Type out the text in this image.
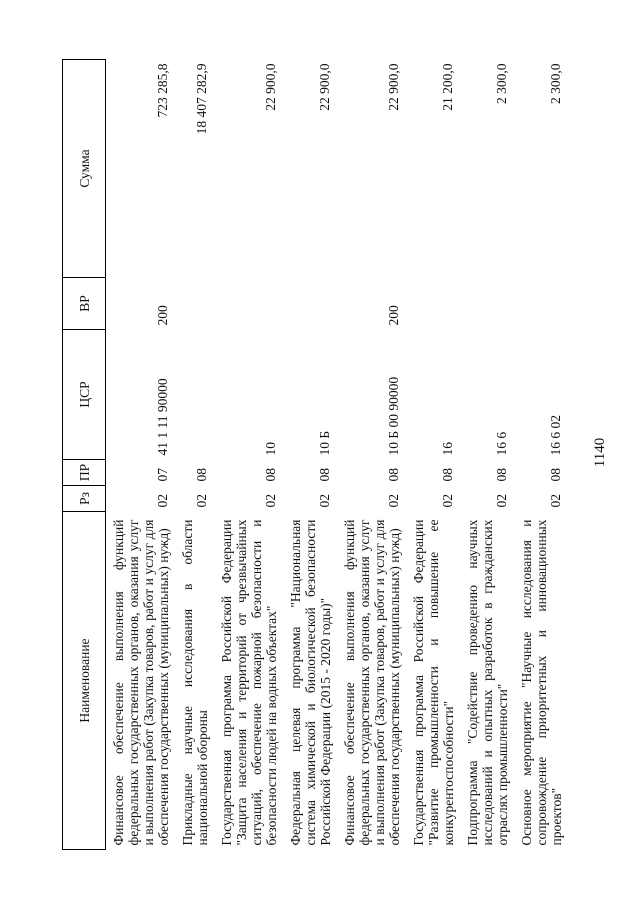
1140
Наименование	Рз	ПР	ЦСР	ВР	Сумма
Финансовое обеспечение выполнения функций федеральных государственных органов, оказания услуг и выполнения работ (Закупка товаров, работ и услуг для обеспечения государственных (муниципальных) нужд)	02	07	41 1 11 90000	200	723 285,8
Прикладные научные исследования в области национальной обороны	02	08			18 407 282,9
Государственная программа Российской Федерации "Защита населения и территорий от чрезвычайных ситуаций, обеспечение пожарной безопасности и безопасности людей на водных объектах"	02	08	10		22 900,0
Федеральная целевая программа "Национальная система химической и биологической безопасности Российской Федерации (2015 - 2020 годы)"	02	08	10 Б		22 900,0
Финансовое обеспечение выполнения функций федеральных государственных органов, оказания услуг и выполнения работ (Закупка товаров, работ и услуг для обеспечения государственных (муниципальных) нужд)	02	08	10 Б 00 90000	200	22 900,0
Государственная программа Российской Федерации "Развитие промышленности и повышение ее конкурентоспособности"	02	08	16		21 200,0
Подпрограмма "Содействие проведению научных исследований и опытных разработок в гражданских отраслях промышленности"	02	08	16 6		2 300,0
Основное мероприятие "Научные исследования и сопровождение приоритетных и инновационных проектов"	02	08	16 6 02		2 300,0
